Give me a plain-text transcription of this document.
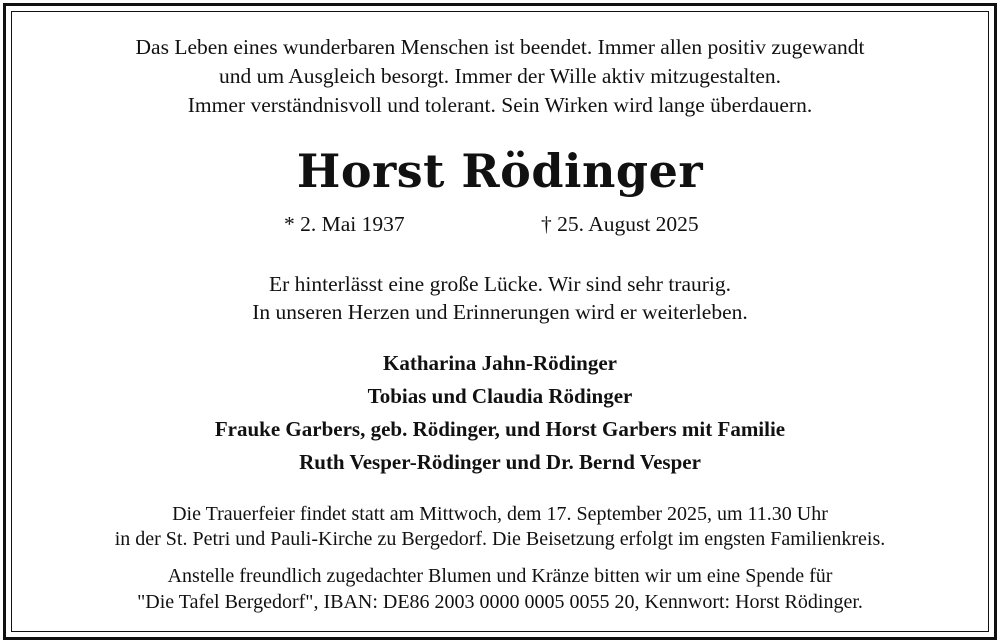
Das Leben eines wunderbaren Menschen ist beendet. Immer allen positiv zugewandt
und um Ausgleich besorgt. Immer der Wille aktiv mitzugestalten.
Immer verständnisvoll und tolerant. Sein Wirken wird lange überdauern.
Horst Rödinger
* 2. Mai 1937	† 25. August 2025
Er hinterlässt eine große Lücke. Wir sind sehr traurig.
In unseren Herzen und Erinnerungen wird er weiterleben.
Katharina Jahn-Rödinger
Tobias und Claudia Rödinger
Frauke Garbers, geb. Rödinger, und Horst Garbers mit Familie
Ruth Vesper-Rödinger und Dr. Bernd Vesper
Die Trauerfeier findet statt am Mittwoch, dem 17. September 2025, um 11.30 Uhr
in der St. Petri und Pauli-Kirche zu Bergedorf. Die Beisetzung erfolgt im engsten Familienkreis.
Anstelle freundlich zugedachter Blumen und Kränze bitten wir um eine Spende für
"Die Tafel Bergedorf", IBAN: DE86 2003 0000 0005 0055 20, Kennwort: Horst Rödinger.
